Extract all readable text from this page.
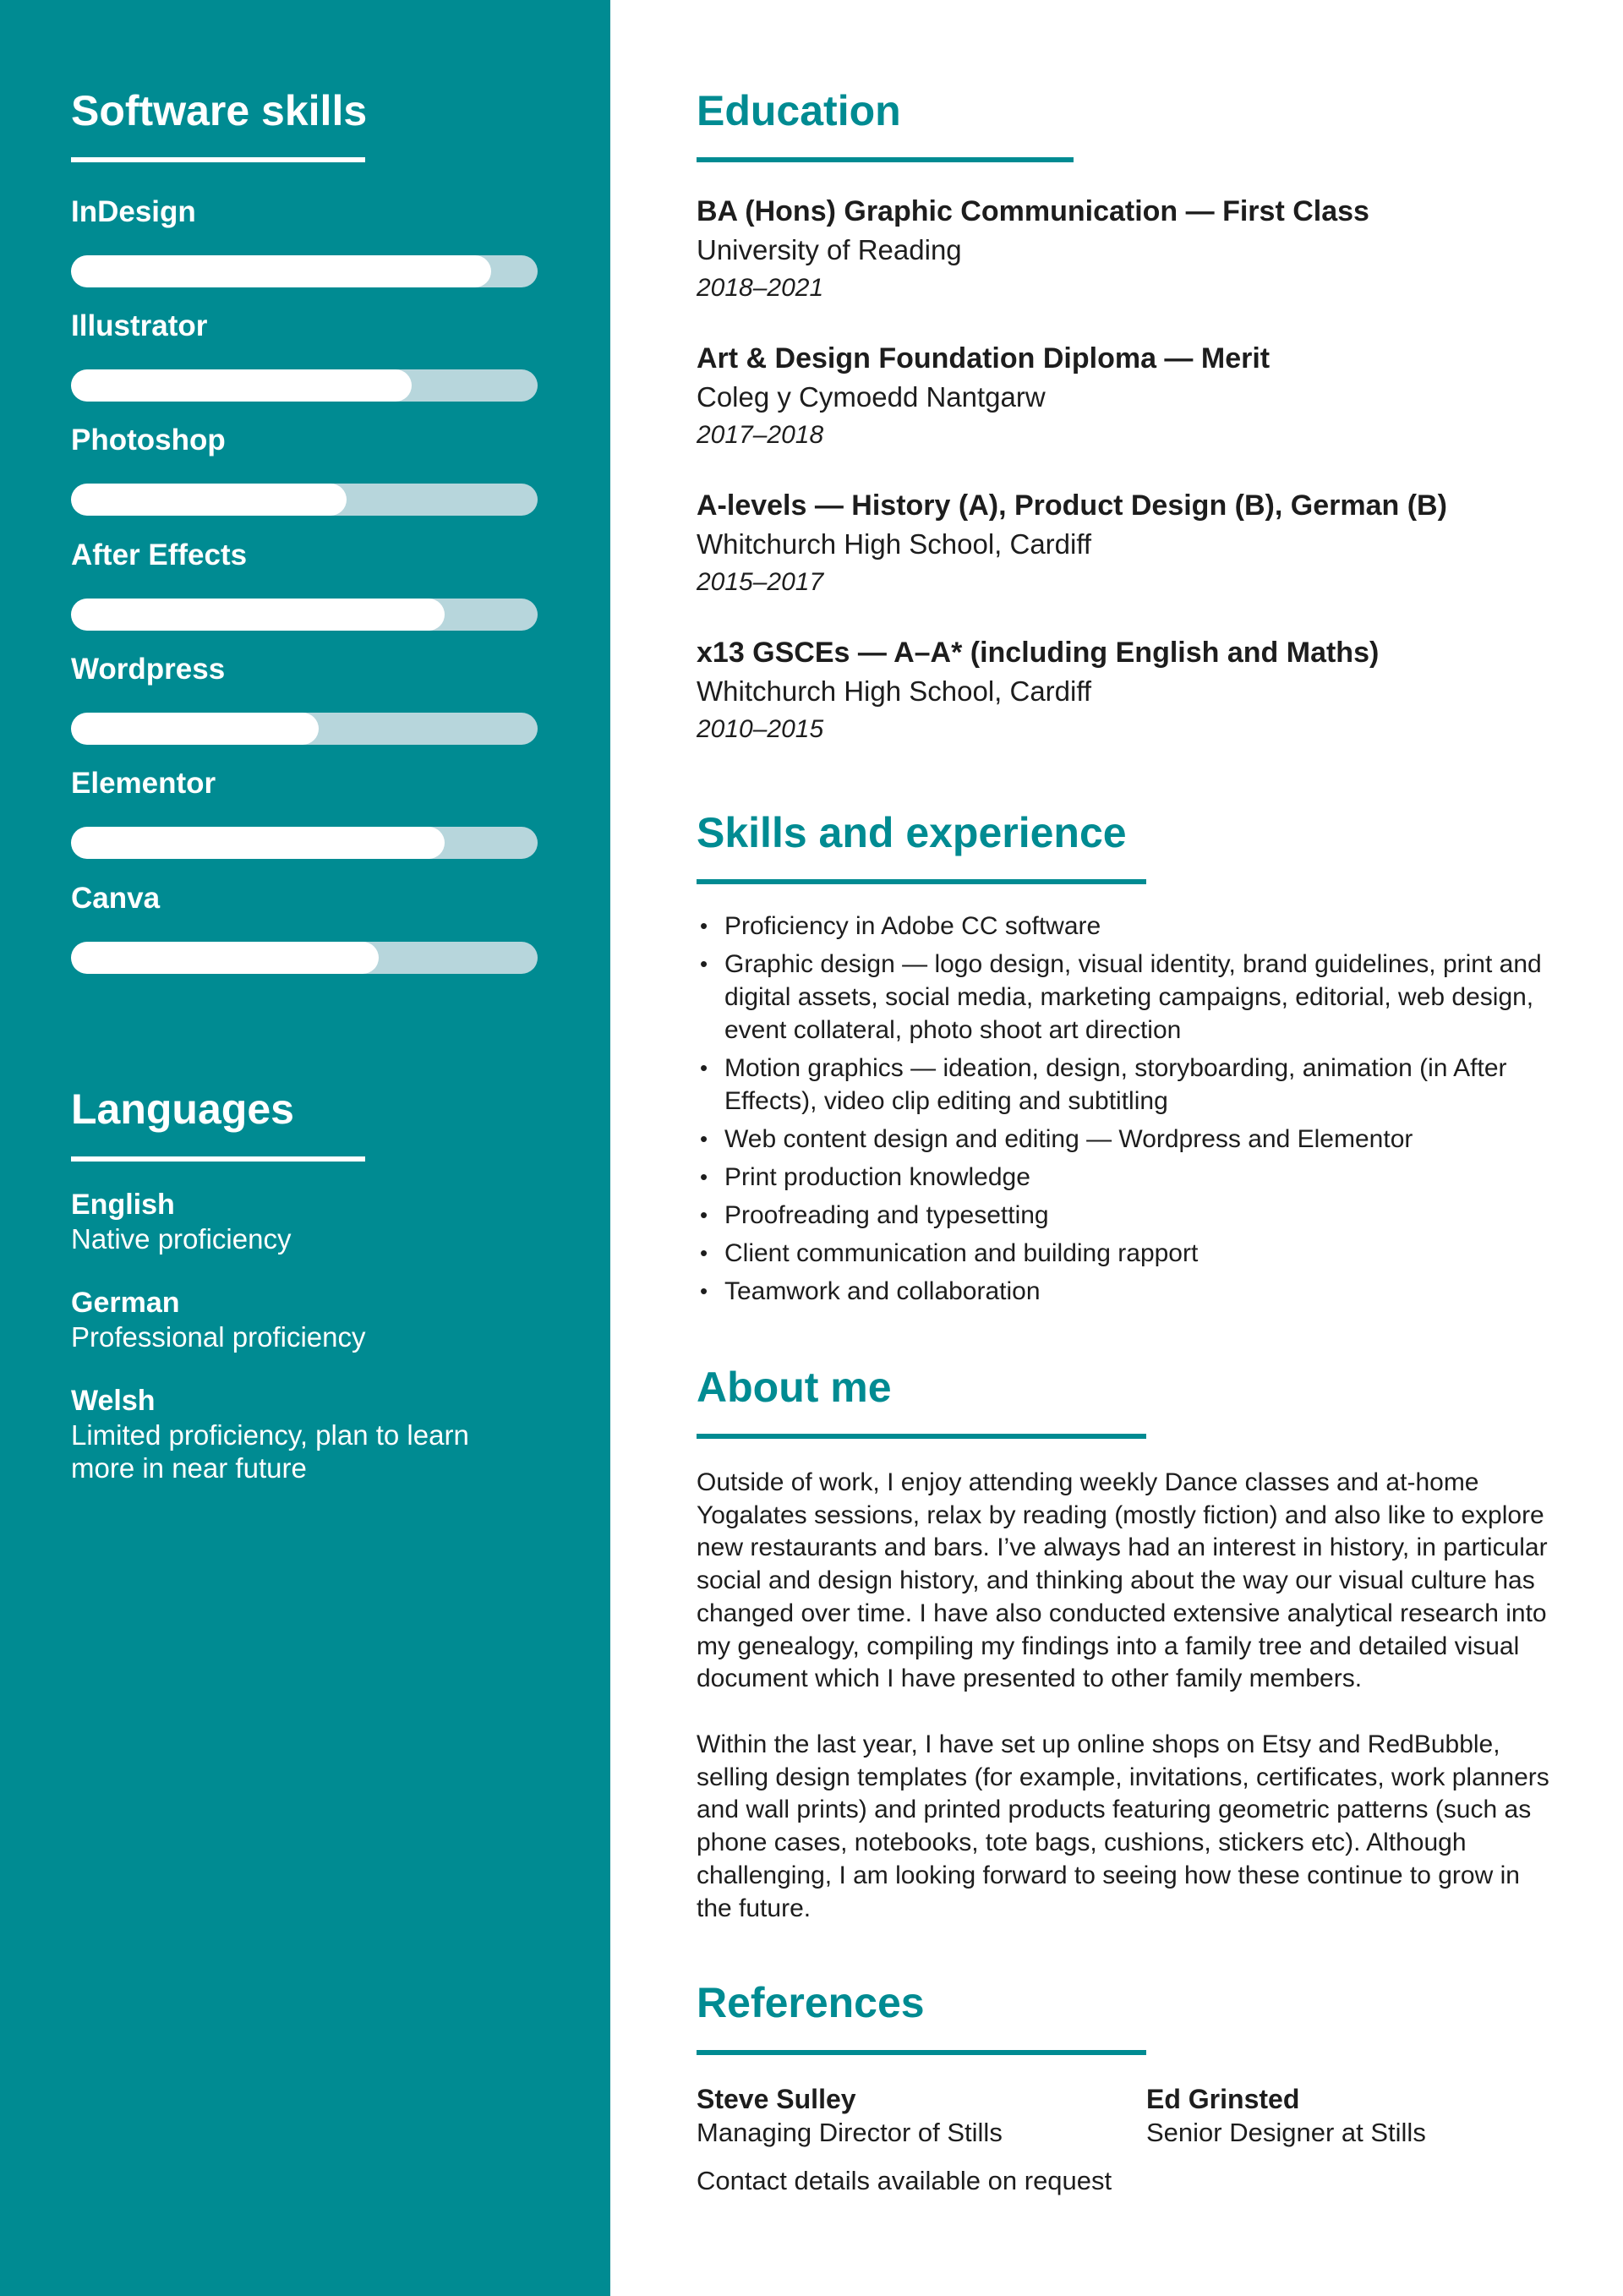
Software skills
InDesign
Illustrator
Photoshop
After Effects
Wordpress
Elementor
Canva
Languages
English
Native proficiency
German
Professional proficiency
Welsh
Limited proficiency, plan to learn more in near future
Education
BA (Hons) Graphic Communication — First Class
University of Reading
2018–2021
Art & Design Foundation Diploma — Merit
Coleg y Cymoedd Nantgarw
2017–2018
A-levels — History (A), Product Design (B), German (B)
Whitchurch High School, Cardiff
2015–2017
x13 GSCEs — A–A* (including English and Maths)
Whitchurch High School, Cardiff
2010–2015
Skills and experience
• Proficiency in Adobe CC software
• Graphic design — logo design, visual identity, brand guidelines, print and digital assets, social media, marketing campaigns, editorial, web design, event collateral, photo shoot art direction
• Motion graphics — ideation, design, storyboarding, animation (in After Effects), video clip editing and subtitling
• Web content design and editing — Wordpress and Elementor
• Print production knowledge
• Proofreading and typesetting
• Client communication and building rapport
• Teamwork and collaboration
About me

Outside of work, I enjoy attending weekly Dance classes and at-home Yogalates sessions, relax by reading (mostly fiction) and also like to explore new restaurants and bars. I’ve always had an interest in history, in particular social and design history, and thinking about the way our visual culture has changed over time. I have also conducted extensive analytical research into my genealogy, compiling my findings into a family tree and detailed visual document which I have presented to other family members.

Within the last year, I have set up online shops on Etsy and RedBubble, selling design templates (for example, invitations, certificates, work planners and wall prints) and printed products featuring geometric patterns (such as phone cases, notebooks, tote bags, cushions, stickers etc). Although challenging, I am looking forward to seeing how these continue to grow in the future.

References
Steve Sulley
Managing Director of Stills
Ed Grinsted
Senior Designer at Stills
Contact details available on request
